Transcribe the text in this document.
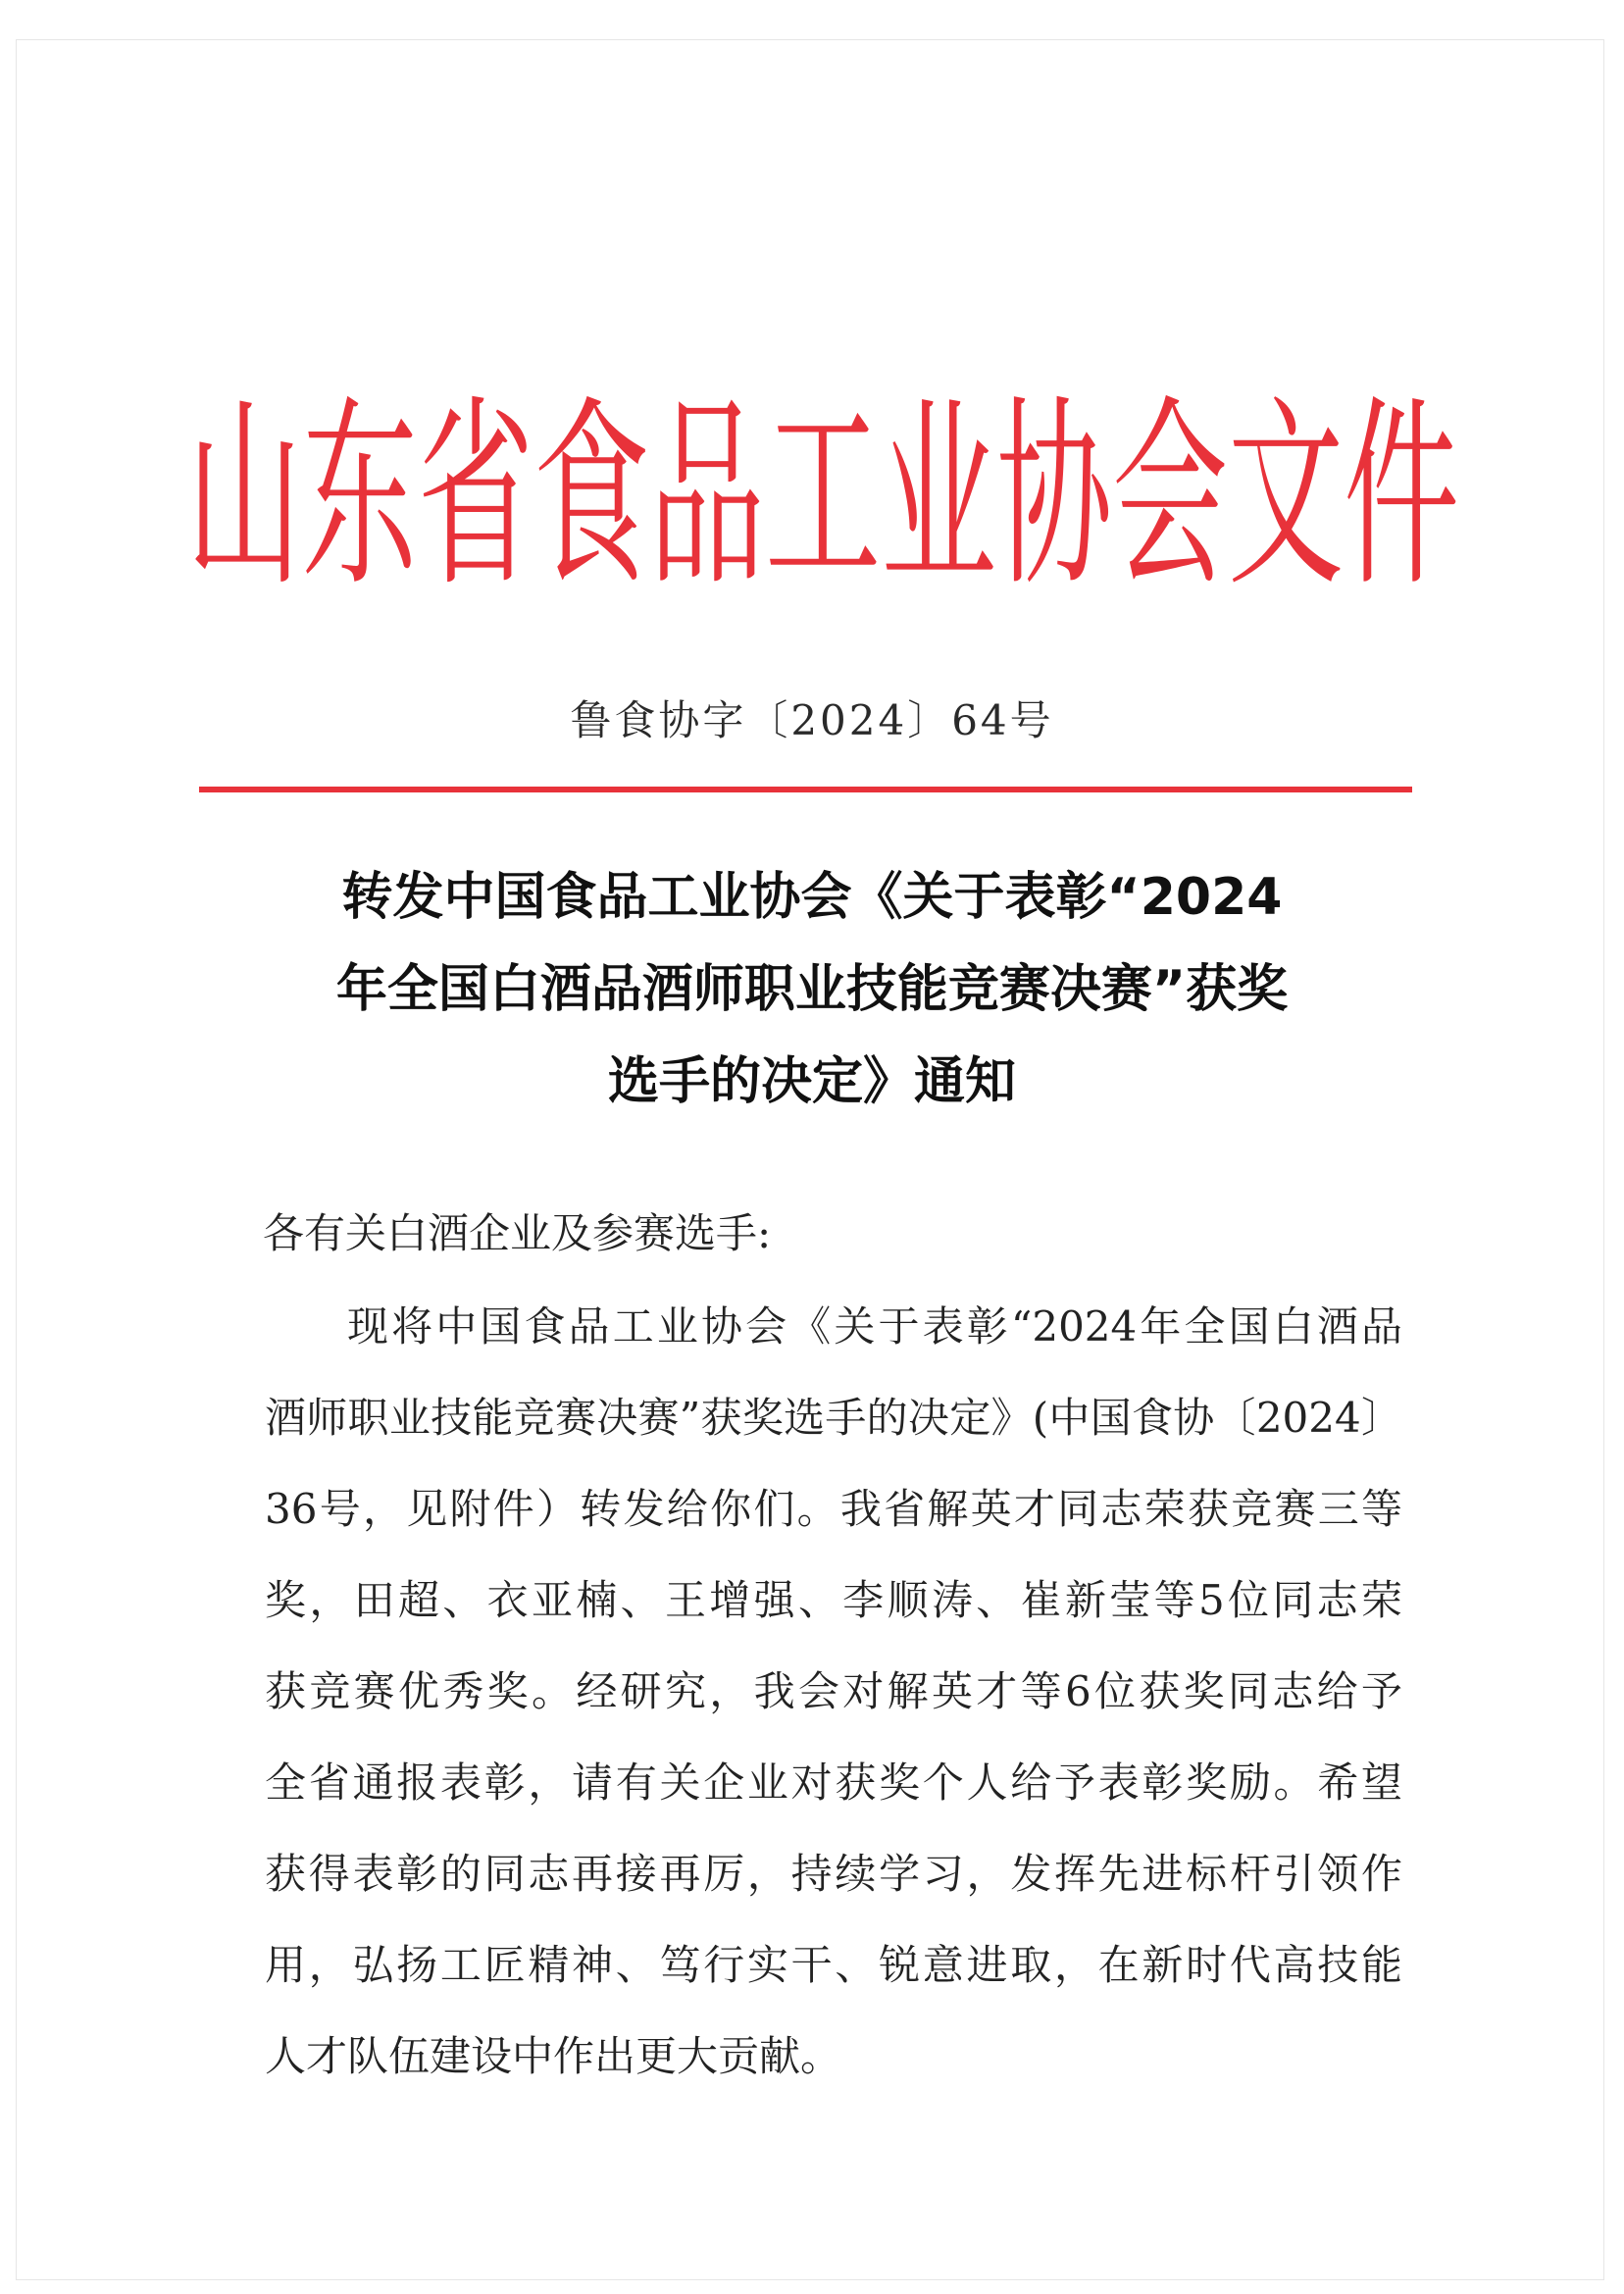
山 东 省 食 品 工 业 协 会 文 件
鲁食协字〔2024〕64号
转发中国食品工业协会《关于表彰“2024
年全国白酒品酒师职业技能竞赛决赛”获奖
选手的决定》通知
各有关白酒企业及参赛选手:
现将中国食品工业协会《关于表彰“2024年全国白酒品
酒师职业技能竞赛决赛”获奖选手的决定》(中国食协〔2024〕
36号，见附件）转发给你们。我省解英才同志荣获竞赛三等
奖，田超、衣亚楠、王增强、李顺涛、崔新莹等5位同志荣
获竞赛优秀奖。经研究，我会对解英才等6位获奖同志给予
全省通报表彰，请有关企业对获奖个人给予表彰奖励。希望
获得表彰的同志再接再厉，持续学习，发挥先进标杆引领作
用，弘扬工匠精神、笃行实干、锐意进取，在新时代高技能
人才队伍建设中作出更大贡献。
